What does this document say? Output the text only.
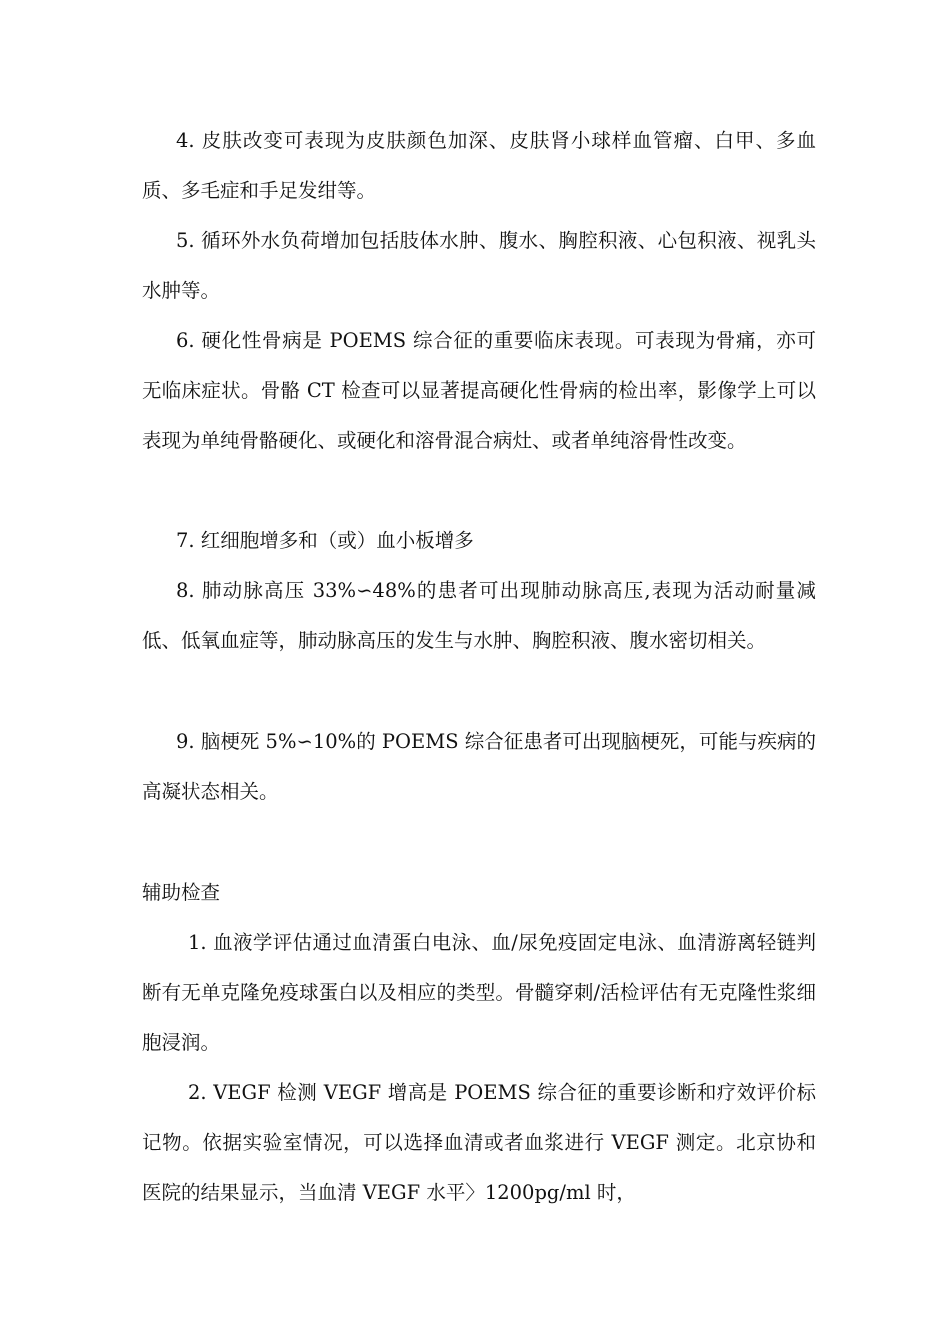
4. 皮肤改变可表现为皮肤颜色加深、皮肤肾小球样血管瘤、白甲、多血质、多毛症和手足发绀等。

5. 循环外水负荷增加包括肢体水肿、腹水、胸腔积液、心包积液、视乳头水肿等。

6. 硬化性骨病是 POEMS 综合征的重要临床表现。可表现为骨痛，亦可无临床症状。骨骼 CT 检查可以显著提高硬化性骨病的检出率，影像学上可以表现为单纯骨骼硬化、或硬化和溶骨混合病灶、或者单纯溶骨性改变。

7. 红细胞增多和（或）血小板增多

8. 肺动脉高压 33%∽48%的患者可出现肺动脉高压,表现为活动耐量减低、低氧血症等，肺动脉高压的发生与水肿、胸腔积液、腹水密切相关。

9. 脑梗死 5%∽10%的 POEMS 综合征患者可出现脑梗死，可能与疾病的高凝状态相关。

辅助检查

1. 血液学评估通过血清蛋白电泳、血/尿免疫固定电泳、血清游离轻链判断有无单克隆免疫球蛋白以及相应的类型。骨髓穿刺/活检评估有无克隆性浆细胞浸润。

2. VEGF 检测 VEGF 增高是 POEMS 综合征的重要诊断和疗效评价标记物。依据实验室情况，可以选择血清或者血浆进行 VEGF 测定。北京协和医院的结果显示，当血清 VEGF 水平〉1200pg/ml 时，
